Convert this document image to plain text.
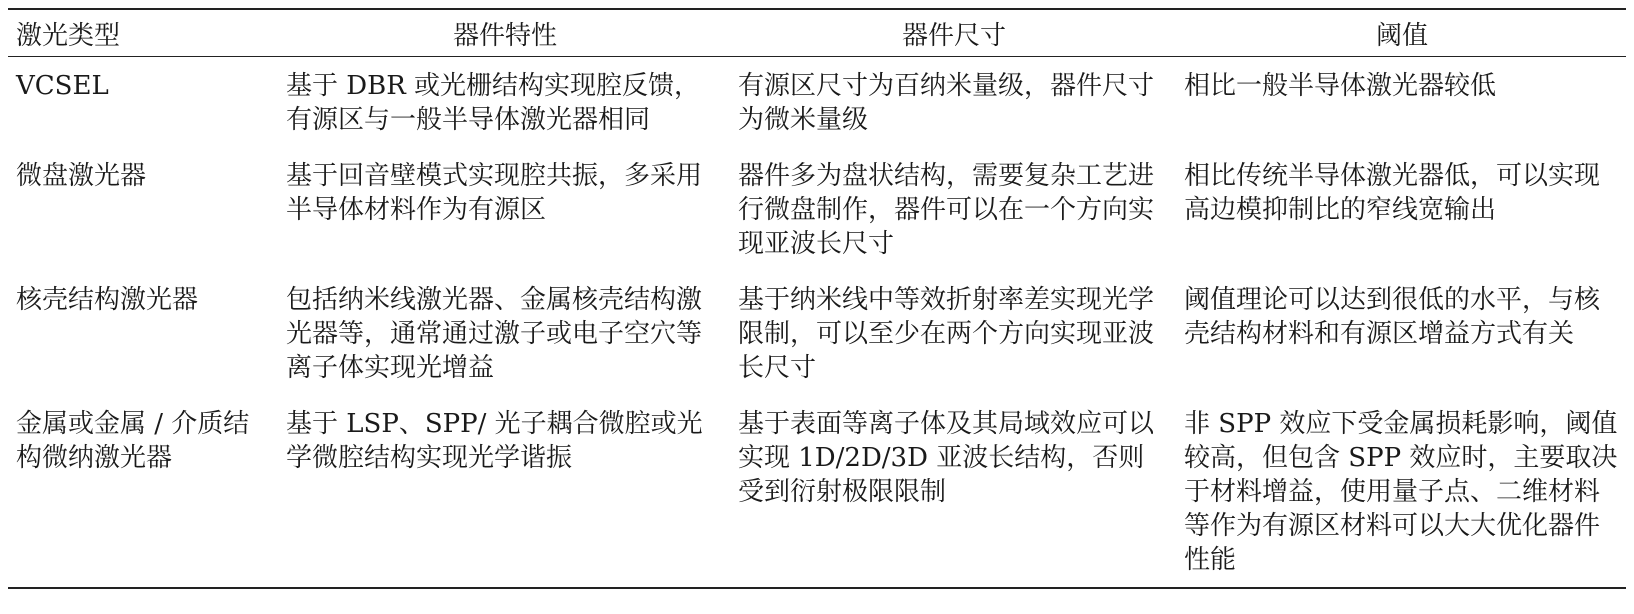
激光类型	器件特性	器件尺寸	阈值
VCSEL	基于 DBR 或光栅结构实现腔反馈，有源区与一般半导体激光器相同	有源区尺寸为百纳米量级，器件尺寸为微米量级	相比一般半导体激光器较低
微盘激光器	基于回音壁模式实现腔共振，多采用半导体材料作为有源区	器件多为盘状结构，需要复杂工艺进行微盘制作，器件可以在一个方向实现亚波长尺寸	相比传统半导体激光器低，可以实现高边模抑制比的窄线宽输出
核壳结构激光器	包括纳米线激光器、金属核壳结构激光器等，通常通过激子或电子空穴等离子体实现光增益	基于纳米线中等效折射率差实现光学限制，可以至少在两个方向实现亚波长尺寸	阈值理论可以达到很低的水平，与核壳结构材料和有源区增益方式有关
金属或金属 / 介质结构微纳激光器	基于 LSP、SPP/ 光子耦合微腔或光学微腔结构实现光学谐振	基于表面等离子体及其局域效应可以实现 1D/2D/3D 亚波长结构，否则受到衍射极限限制	非 SPP 效应下受金属损耗影响，阈值较高，但包含 SPP 效应时，主要取决于材料增益，使用量子点、二维材料等作为有源区材料可以大大优化器件性能
